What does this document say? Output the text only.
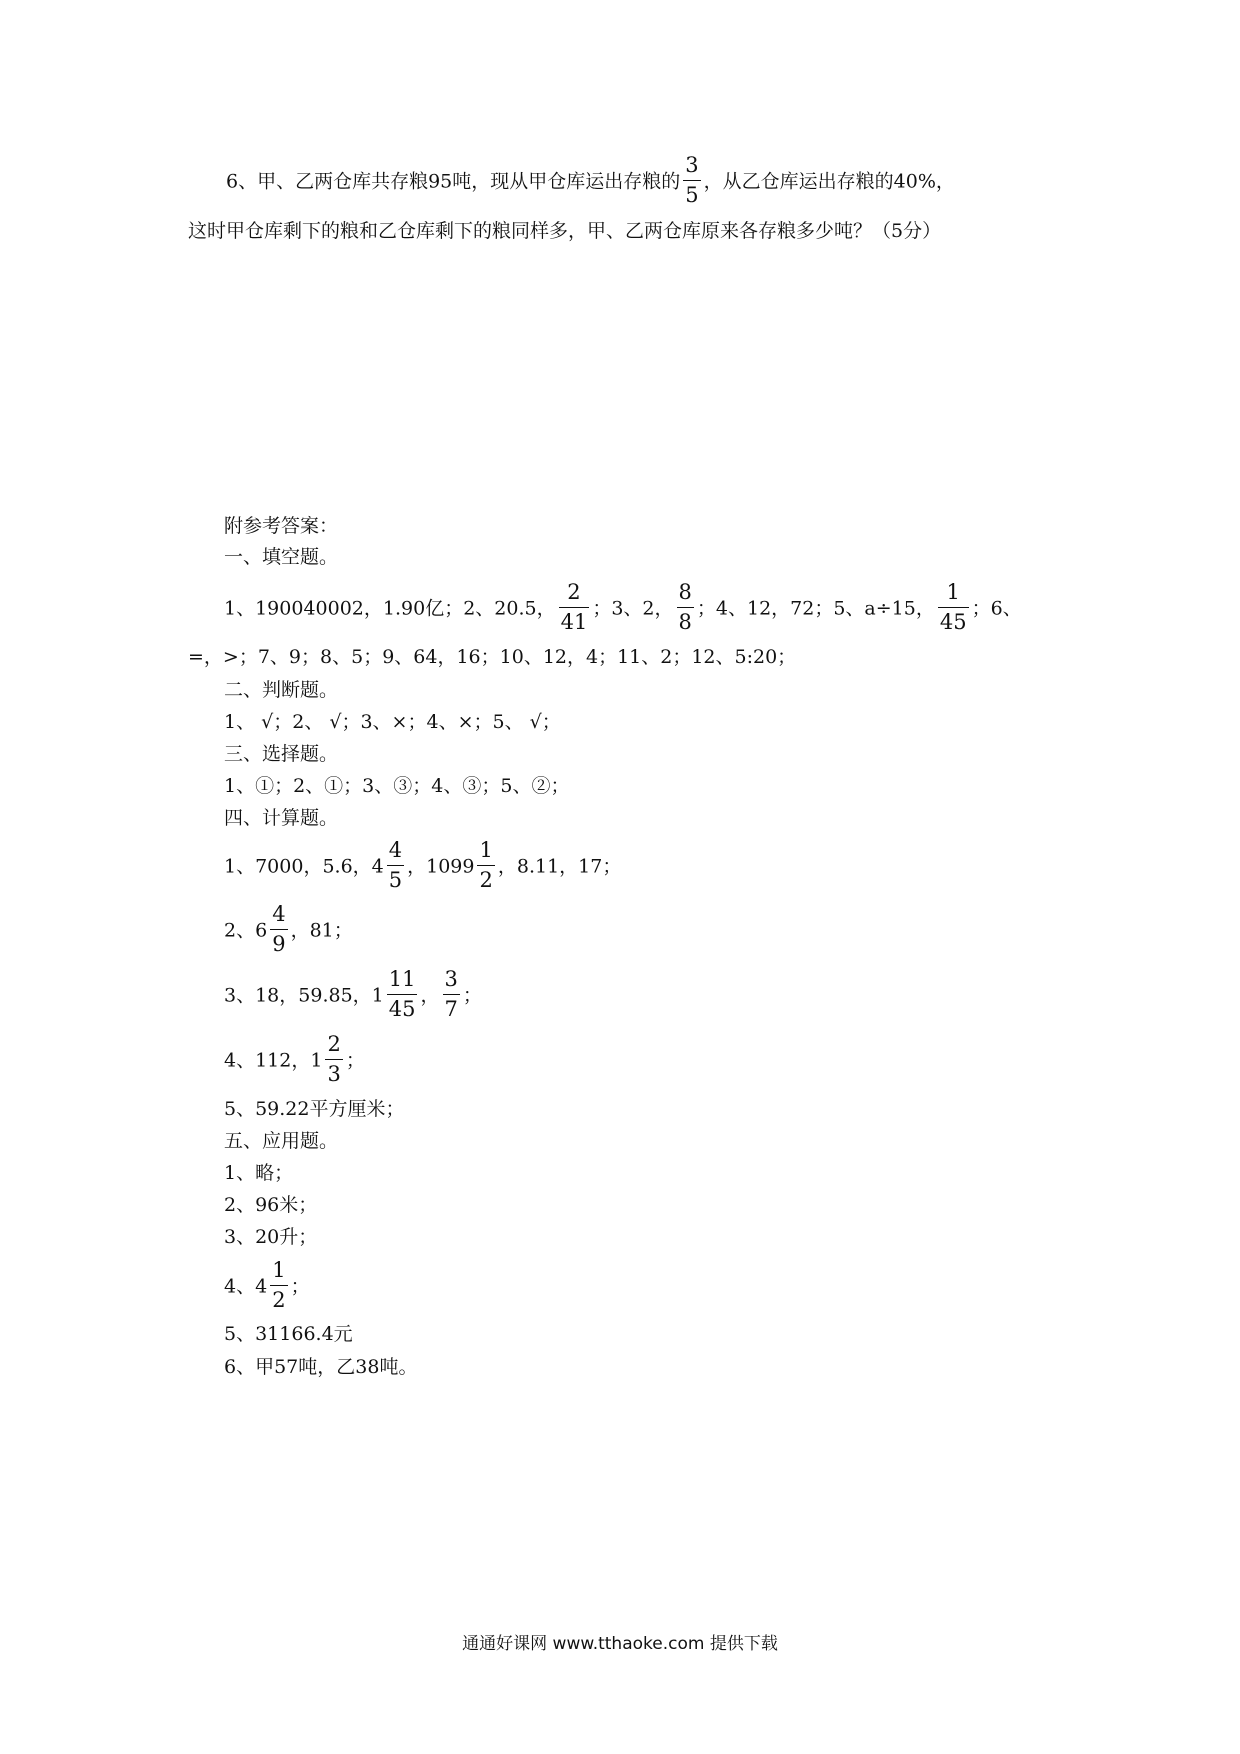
6、甲、乙两仓库共存粮95吨，现从甲仓库运出存粮的 $\frac{3}{5}$ ，从乙仓库运出存粮的40%，
这时甲仓库剩下的粮和乙仓库剩下的粮同样多，甲、乙两仓库原来各存粮多少吨？（5分）
附参考答案：
一、填空题。
1、190040002，1.90亿；2、20.5， $\frac{2}{41}$ ；3、2， $\frac{8}{8}$ ；4、12，72；5、a÷15， $\frac{1}{45}$ ；6、
=，>；7、9；8、5；9、64，16；10、12，4；11、2；12、5:20；
二、判断题。
1、 √；2、 √；3、×；4、×；5、 √；
三、选择题。
1、①；2、①；3、③；4、③；5、②；
四、计算题。
1、7000，5.6，$4 \frac{4}{5}$ ，$1099 \frac{1}{2}$ ，8.11，17；
2、$6 \frac{4}{9}$ ，81；
3、18，59.85，$1 \frac{11}{45}$ ， $\frac{3}{7}$ ；
4、112，$1 \frac{2}{3}$ ；
5、59.22平方厘米；
五、应用题。
1、略；
2、96米；
3、20升；
4、$4 \frac{1}{2}$ ；
5、31166.4元
6、甲57吨，乙38吨。
通通好课网 www.tthaoke.com 提供下载
